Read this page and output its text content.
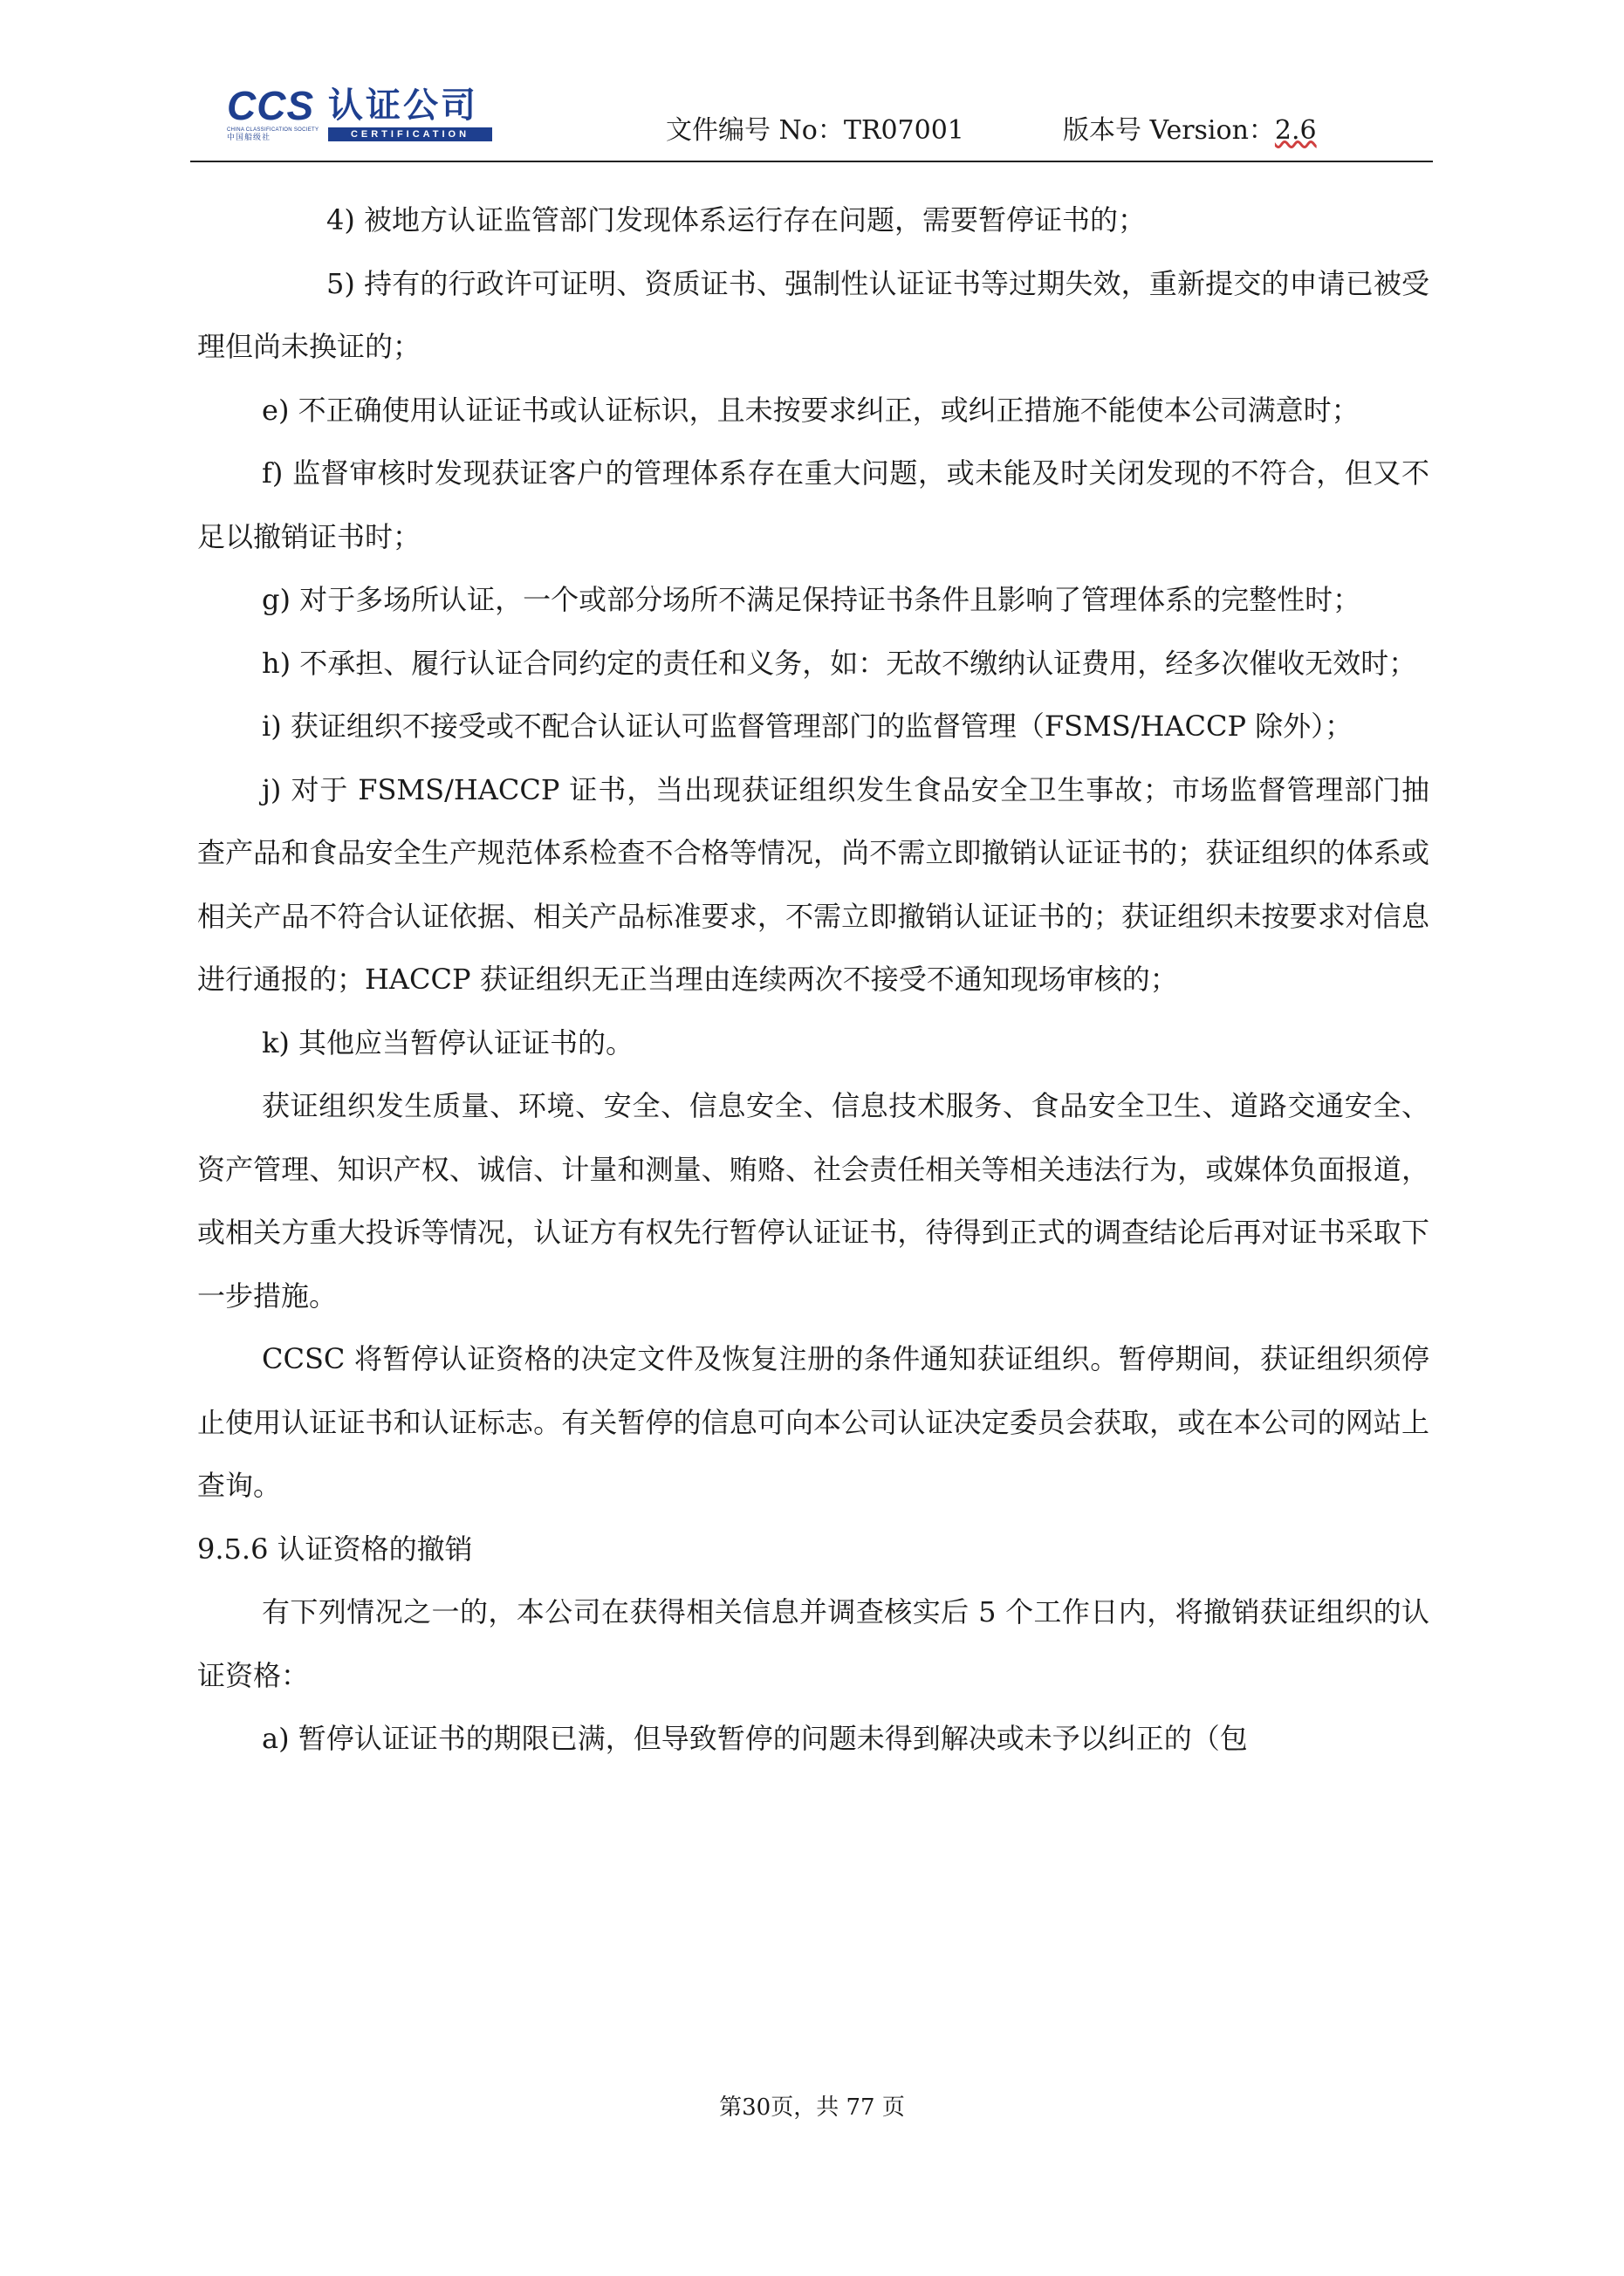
CCS 认证公司
CHINA CLASSIFICATION SOCIETY
中国船级社	CERTIFICATION	文件编号 No：TR07001	版本号 Version：2.6

4) 被地方认证监管部门发现体系运行存在问题，需要暂停证书的；

5) 持有的行政许可证明、资质证书、强制性认证证书等过期失效，重新提交的申请已被受理但尚未换证的；

e) 不正确使用认证证书或认证标识，且未按要求纠正，或纠正措施不能使本公司满意时；

f) 监督审核时发现获证客户的管理体系存在重大问题，或未能及时关闭发现的不符合，但又不足以撤销证书时；

g) 对于多场所认证，一个或部分场所不满足保持证书条件且影响了管理体系的完整性时；

h) 不承担、履行认证合同约定的责任和义务，如：无故不缴纳认证费用，经多次催收无效时；

i) 获证组织不接受或不配合认证认可监督管理部门的监督管理（FSMS/HACCP 除外）；

j) 对于 FSMS/HACCP 证书，当出现获证组织发生食品安全卫生事故；市场监督管理部门抽查产品和食品安全生产规范体系检查不合格等情况，尚不需立即撤销认证证书的；获证组织的体系或相关产品不符合认证依据、相关产品标准要求，不需立即撤销认证证书的；获证组织未按要求对信息进行通报的；HACCP 获证组织无正当理由连续两次不接受不通知现场审核的；

k) 其他应当暂停认证证书的。

获证组织发生质量、环境、安全、信息安全、信息技术服务、食品安全卫生、道路交通安全、资产管理、知识产权、诚信、计量和测量、贿赂、社会责任相关等相关违法行为，或媒体负面报道，或相关方重大投诉等情况，认证方有权先行暂停认证证书，待得到正式的调查结论后再对证书采取下一步措施。

CCSC 将暂停认证资格的决定文件及恢复注册的条件通知获证组织。暂停期间，获证组织须停止使用认证证书和认证标志。有关暂停的信息可向本公司认证决定委员会获取，或在本公司的网站上查询。

9.5.6 认证资格的撤销

有下列情况之一的，本公司在获得相关信息并调查核实后 5 个工作日内，将撤销获证组织的认证资格：

a) 暂停认证证书的期限已满，但导致暂停的问题未得到解决或未予以纠正的（包

第30页，共 77 页
